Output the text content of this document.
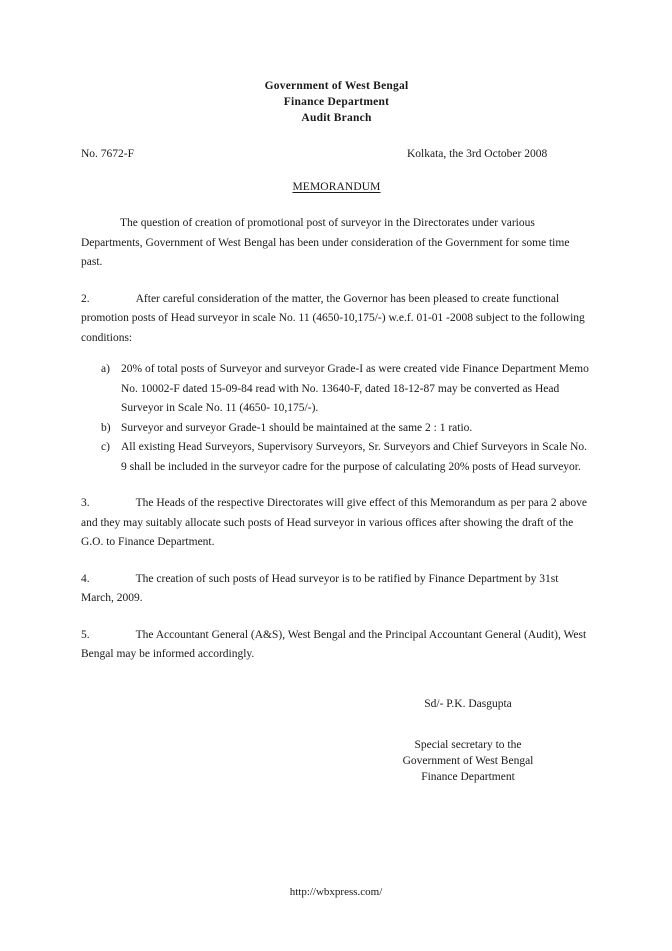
Government of West Bengal
Finance Department
Audit Branch
No. 7672-F	Kolkata, the 3rd October 2008
MEMORANDUM

The question of creation of promotional post of surveyor in the Directorates under various Departments, Government of West Bengal has been under consideration of the Government for some time past.

2.	After careful consideration of the matter, the Governor has been pleased to create functional promotion posts of Head surveyor in scale No. 11 (4650-10,175/-) w.e.f. 01-01 -2008 subject to the following conditions:

a) 20% of total posts of Surveyor and surveyor Grade-I as were created vide Finance Department Memo No. 10002-F dated 15-09-84 read with No. 13640-F, dated 18-12-87 may be converted as Head Surveyor in Scale No. 11 (4650- 10,175/-).
b) Surveyor and surveyor Grade-1 should be maintained at the same 2 : 1 ratio.
c) All existing Head Surveyors, Supervisory Surveyors, Sr. Surveyors and Chief Surveyors in Scale No. 9 shall be included in the surveyor cadre for the purpose of calculating 20% posts of Head surveyor.

3.	The Heads of the respective Directorates will give effect of this Memorandum as per para 2 above and they may suitably allocate such posts of Head surveyor in various offices after showing the draft of the G.O. to Finance Department.

4.	The creation of such posts of Head surveyor is to be ratified by Finance Department by 31st March, 2009.

5.	The Accountant General (A&S), West Bengal and the Principal Accountant General (Audit), West Bengal may be informed accordingly.

Sd/- P.K. Dasgupta
Special secretary to the
Government of West Bengal
Finance Department
http://wbxpress.com/
